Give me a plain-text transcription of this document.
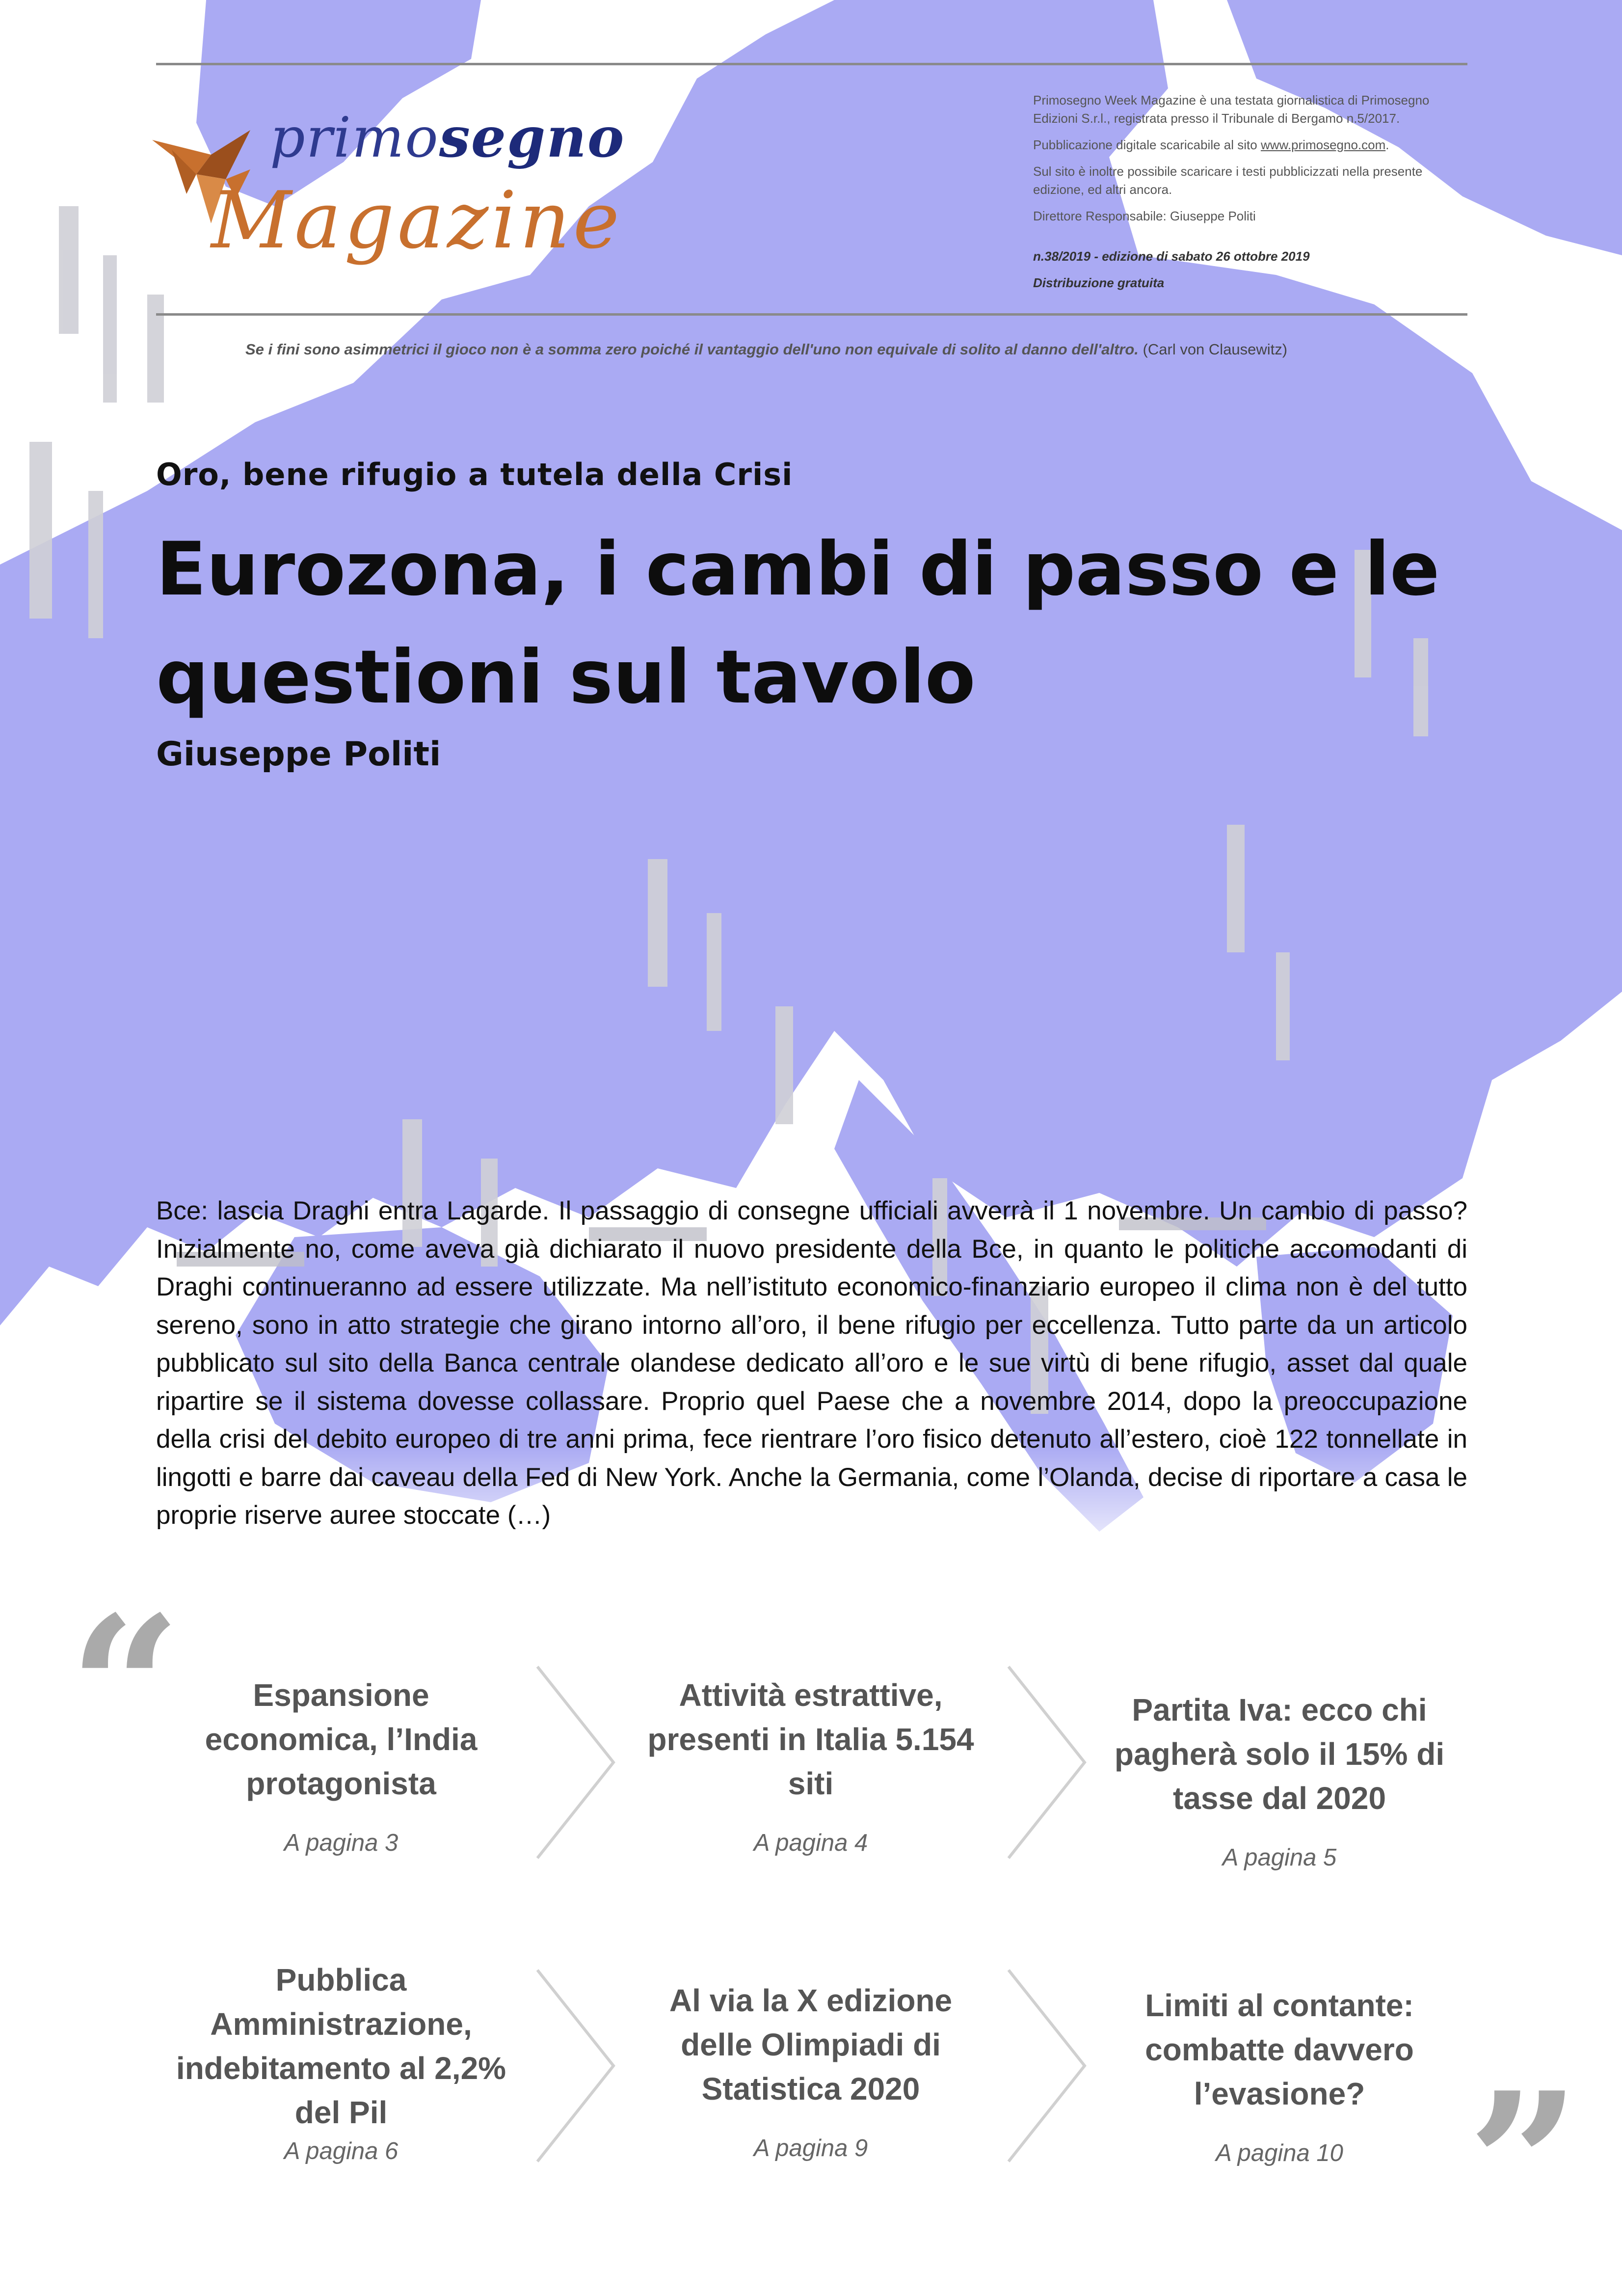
primosegno
Magazine

Primosegno Week Magazine è una testata giornalistica di Primosegno Edizioni S.r.l., registrata presso il Tribunale di Bergamo n.5/2017.

Pubblicazione digitale scaricabile al sito www.primosegno.com.

Sul sito è inoltre possibile scaricare i testi pubblicizzati nella presente edizione, ed altri ancora.

Direttore Responsabile: Giuseppe Politi

n.38/2019 - edizione di sabato 26 ottobre 2019

Distribuzione gratuita

Se i fini sono asimmetrici il gioco non è a somma zero poiché il vantaggio dell'uno non equivale di solito al danno dell'altro. (Carl von Clausewitz)
Oro, bene rifugio a tutela della Crisi
Eurozona, i cambi di passo e le
questioni sul tavolo
Giuseppe Politi
Bce: lascia Draghi entra Lagarde. Il passaggio di consegne ufficiali avverrà il 1 novembre. Un cambio di passo? Inizialmente no, come aveva già dichiarato il nuovo presidente della Bce, in quanto le politiche accomodanti di Draghi continueranno ad essere utilizzate. Ma nell’istituto economico-finanziario europeo il clima non è del tutto sereno, sono in atto strategie che girano intorno all’oro, il bene rifugio per eccellenza. Tutto parte da un articolo pubblicato sul sito della Banca centrale olandese dedicato all’oro e le sue virtù di bene rifugio, asset dal quale ripartire se il sistema dovesse collassare. Proprio quel Paese che a novembre 2014, dopo la preoccupazione della crisi del debito europeo di tre anni prima, fece rientrare l’oro fisico detenuto all’estero, cioè 122 tonnellate in lingotti e barre dai caveau della Fed di New York. Anche la Germania, come l’Olanda, decise di riportare a casa le proprie riserve auree stoccate (…)
“
”
Espansione economica, l’India protagonista
A pagina 3
Attività estrattive, presenti in Italia 5.154 siti
A pagina 4
Partita Iva: ecco chi pagherà solo il 15% di tasse dal 2020
A pagina 5
Pubblica Amministrazione, indebitamento al 2,2% del Pil
A pagina 6
Al via la X edizione delle Olimpiadi di Statistica 2020
A pagina 9
Limiti al contante: combatte davvero l’evasione?
A pagina 10
